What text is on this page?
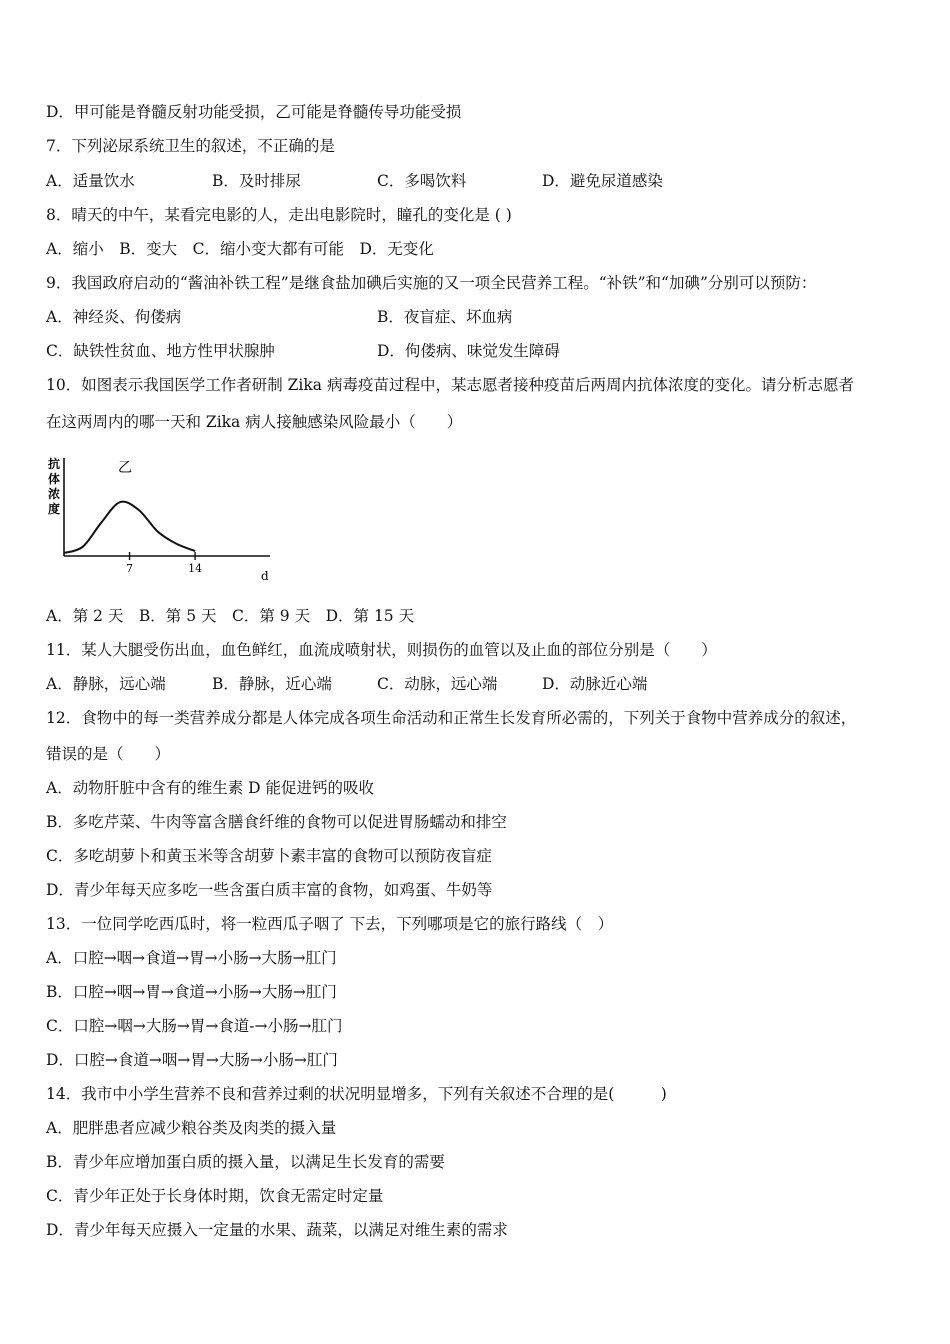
D．甲可能是脊髓反射功能受损，乙可能是脊髓传导功能受损
7．下列泌尿系统卫生的叙述，不正确的是
A．适量饮水	B．及时排尿	C．多喝饮料	D．避免尿道感染
8．晴天的中午，某看完电影的人，走出电影院时，瞳孔的变化是 ( )
A．缩小　B．变大　C．缩小变大都有可能　D．无变化
9．我国政府启动的“酱油补铁工程”是继食盐加碘后实施的又一项全民营养工程。“补铁”和“加碘”分别可以预防：
A．神经炎、佝偻病	B．夜盲症、坏血病
C．缺铁性贫血、地方性甲状腺肿	D．佝偻病、味觉发生障碍
10．如图表示我国医学工作者研制 Zika 病毒疫苗过程中，某志愿者接种疫苗后两周内抗体浓度的变化。请分析志愿者
在这两周内的哪一天和 Zika 病人接触感染风险最小（　　）
抗
体
浓
度
乙
7	14
d
A．第 2 天　B．第 5 天　C．第 9 天　D．第 15 天
11．某人大腿受伤出血，血色鲜红，血流成喷射状，则损伤的血管以及止血的部位分别是（　　）
A．静脉，远心端	B．静脉，近心端	C．动脉，远心端	D．动脉近心端
12．食物中的每一类营养成分都是人体完成各项生命活动和正常生长发育所必需的，下列关于食物中营养成分的叙述，
错误的是（　　）
A．动物肝脏中含有的维生素 D 能促进钙的吸收
B．多吃芹菜、牛肉等富含膳食纤维的食物可以促进胃肠蠕动和排空
C．多吃胡萝卜和黄玉米等含胡萝卜素丰富的食物可以预防夜盲症
D．青少年每天应多吃一些含蛋白质丰富的食物，如鸡蛋、牛奶等
13．一位同学吃西瓜时，将一粒西瓜子咽了 下去，下列哪项是它的旅行路线（　）
A．口腔→咽→食道→胃→小肠→大肠→肛门
B．口腔→咽→胃→食道→小肠→大肠→肛门
C．口腔→咽→大肠→胃→食道-→小肠→肛门
D．口腔→食道→咽→胃→大肠→小肠→肛门
14．我市中小学生营养不良和营养过剩的状况明显增多，下列有关叙述不合理的是(　　　)
A．肥胖患者应减少粮谷类及肉类的摄入量
B．青少年应增加蛋白质的摄入量，以满足生长发育的需要
C．青少年正处于长身体时期，饮食无需定时定量
D．青少年每天应摄入一定量的水果、蔬菜，以满足对维生素的需求
